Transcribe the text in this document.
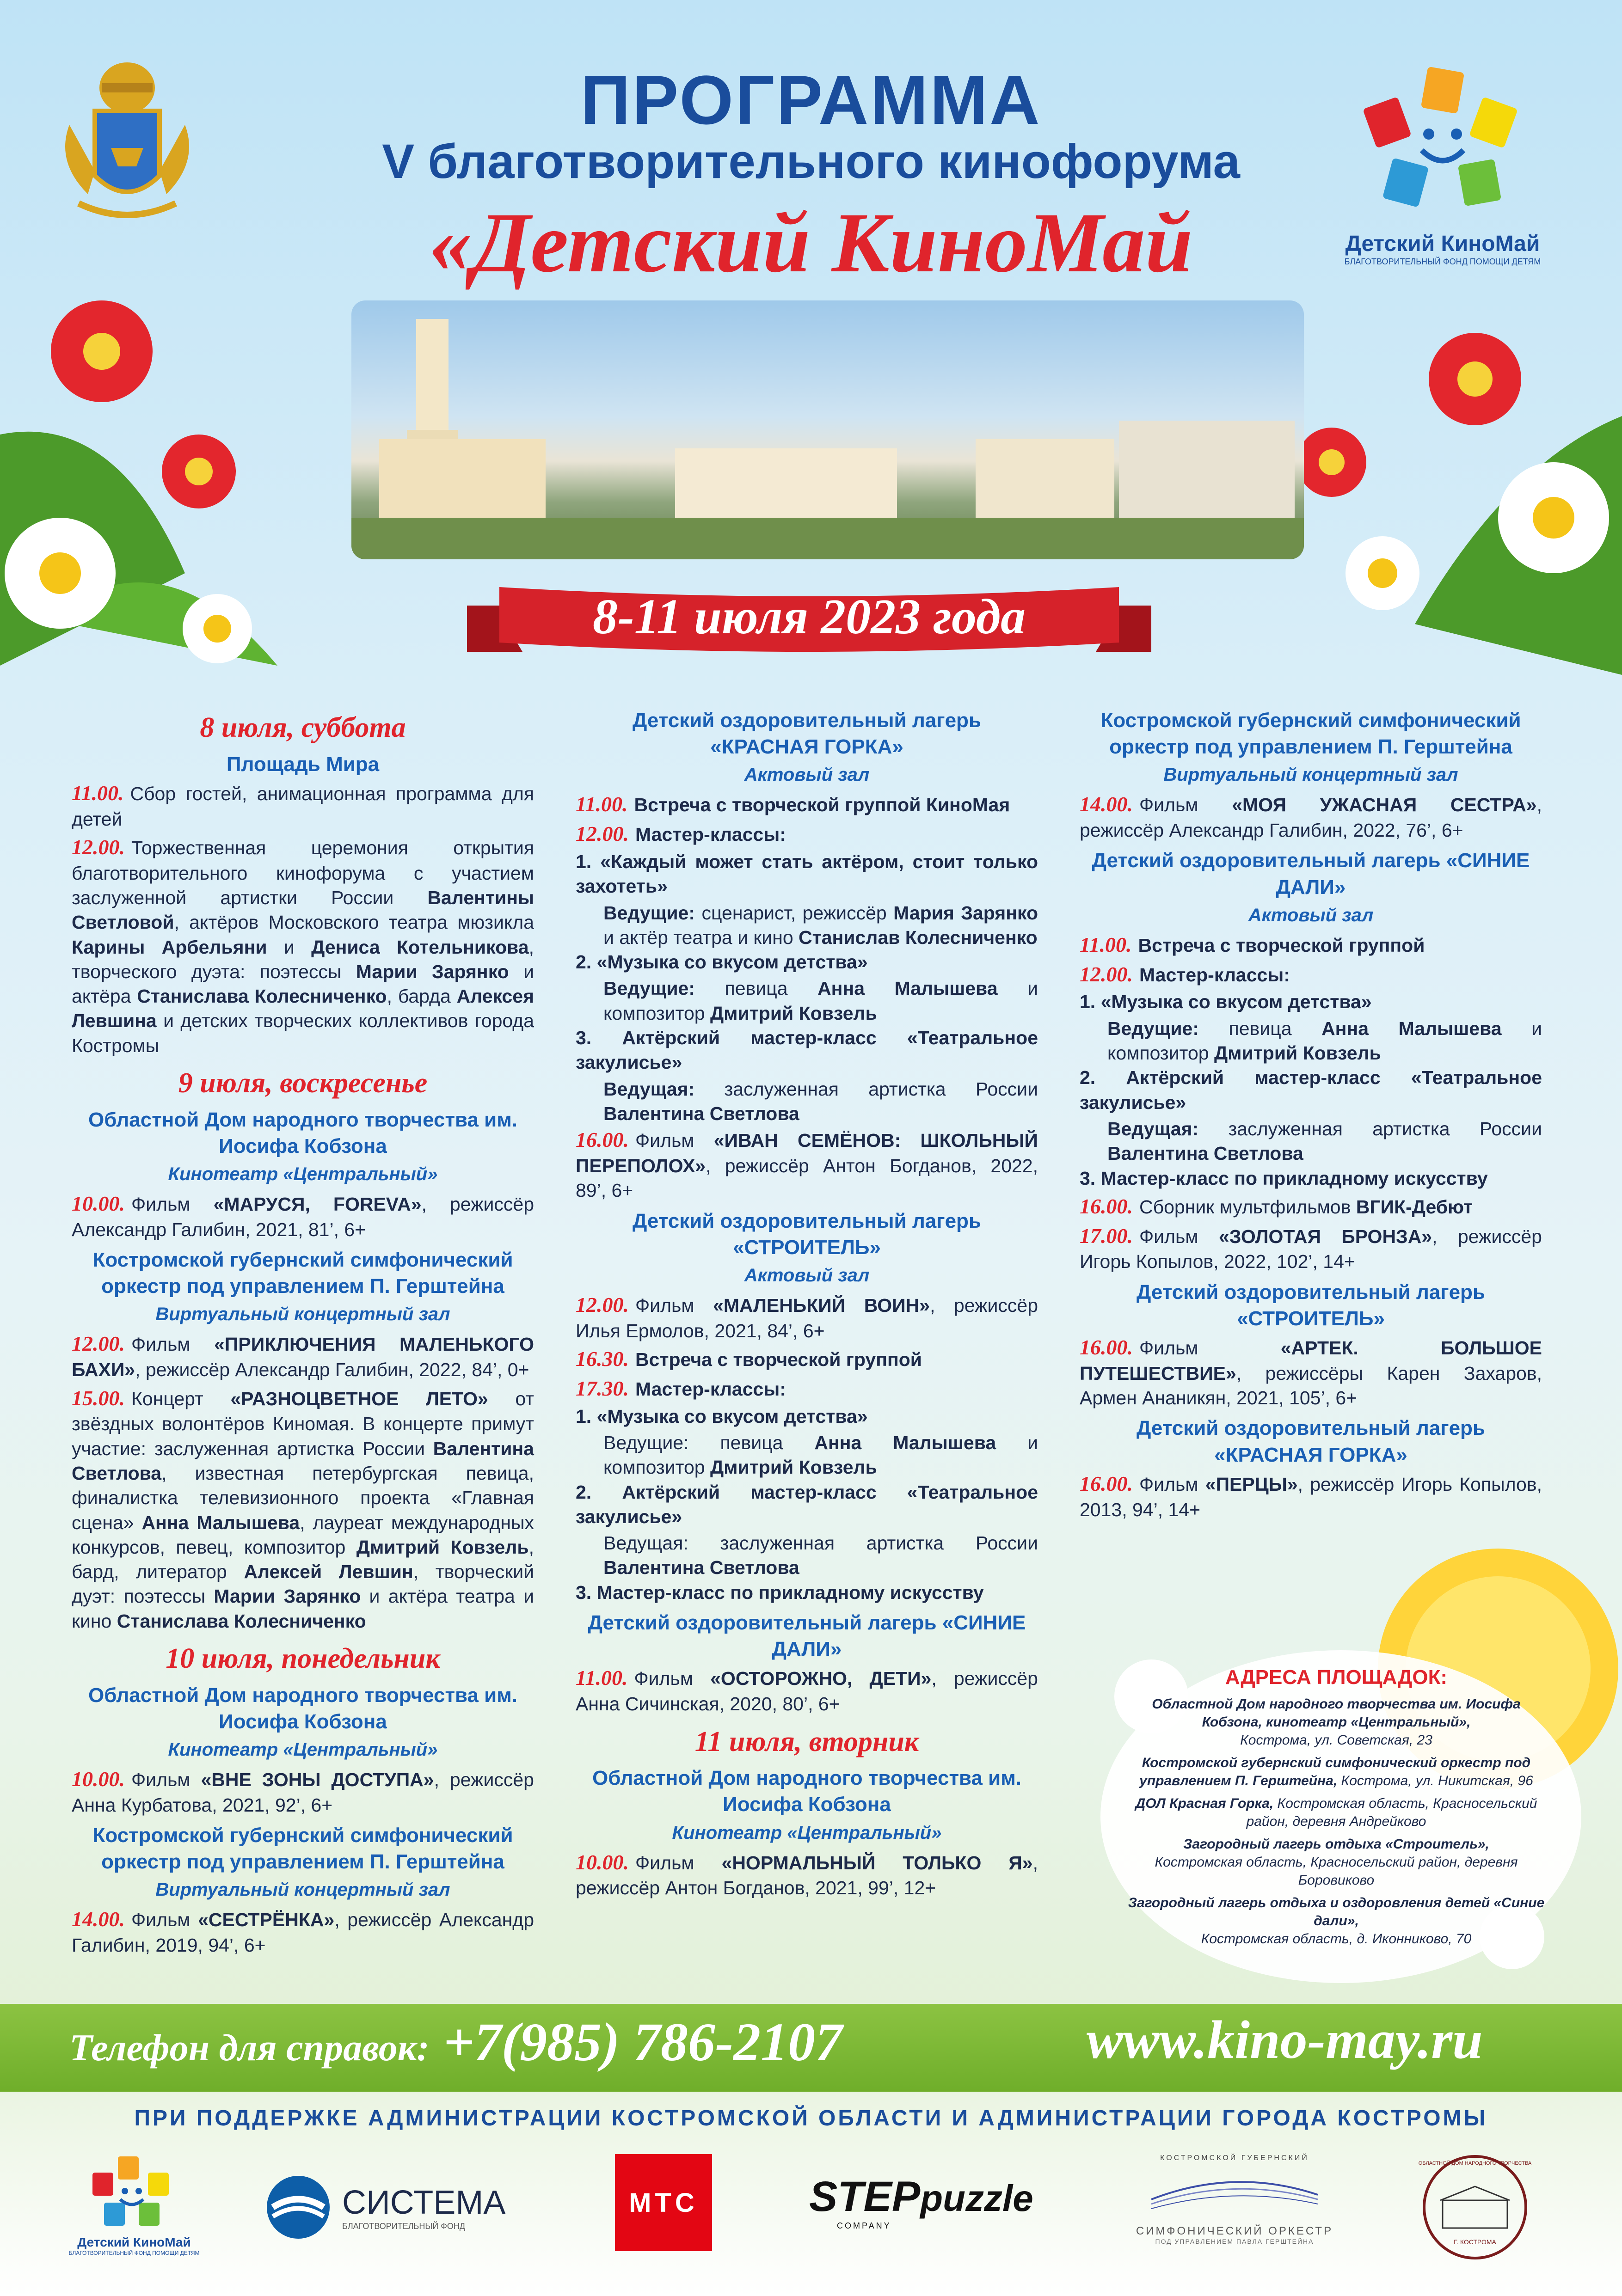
ПРОГРАММА
V благотворительного кинофорума
«Детский КиноМай	Детский КиноМай
БЛАГОТВОРИТЕЛЬНЫЙ ФОНД ПОМОЩИ ДЕТЯМ
8-11 июля 2023 года
8 июля, суббота
Площадь Мира
11.00. Сбор гостей, анимационная программа для детей
12.00. Торжественная церемония открытия благотворительного кинофорума с участием заслуженной артистки России Валентины Светловой, актёров Московского театра мюзикла Карины Арбельяни и Дениса Котельникова, творческого дуэта: поэтессы Марии Зарянко и актёра Станислава Колесниченко, барда Алексея Левшина и детских творческих коллективов города Костромы
9 июля, воскресенье
Областной Дом народного творчества им. Иосифа Кобзона
Кинотеатр «Центральный»
10.00. Фильм «МАРУСЯ, FOREVA», режиссёр Александр Галибин, 2021, 81’, 6+
Костромской губернский симфонический оркестр под управлением П. Герштейна
Виртуальный концертный зал
12.00. Фильм «ПРИКЛЮЧЕНИЯ МАЛЕНЬКОГО БАХИ», режиссёр Александр Галибин, 2022, 84’, 0+
15.00. Концерт «РАЗНОЦВЕТНОЕ ЛЕТО» от звёздных волонтёров Киномая. В концерте примут участие: заслуженная артистка России Валентина Светлова, известная петербургская певица, финалистка телевизионного проекта «Главная сцена» Анна Малышева, лауреат международных конкурсов, певец, композитор Дмитрий Ковзель, бард, литератор Алексей Левшин, творческий дуэт: поэтессы Марии Зарянко и актёра театра и кино Станислава Колесниченко
10 июля, понедельник
Областной Дом народного творчества им. Иосифа Кобзона
Кинотеатр «Центральный»
10.00. Фильм «ВНЕ ЗОНЫ ДОСТУПА», режиссёр Анна Курбатова, 2021, 92’, 6+
Костромской губернский симфонический оркестр под управлением П. Герштейна
Виртуальный концертный зал
14.00. Фильм «СЕСТРЁНКА», режиссёр Александр Галибин, 2019, 94’, 6+
Детский оздоровительный лагерь «КРАСНАЯ ГОРКА»
Актовый зал
11.00. Встреча с творческой группой КиноМая
12.00. Мастер-классы:
1. «Каждый может стать актёром, стоит только захотеть»
Ведущие: сценарист, режиссёр Мария Зарянко и актёр театра и кино Станислав Колесниченко
2. «Музыка со вкусом детства»
Ведущие: певица Анна Малышева и композитор Дмитрий Ковзель
3. Актёрский мастер-класс «Театральное закулисье»
Ведущая: заслуженная артистка России Валентина Светлова
16.00. Фильм «ИВАН СЕМЁНОВ: ШКОЛЬНЫЙ ПЕРЕПОЛОХ», режиссёр Антон Богданов, 2022, 89’, 6+
Детский оздоровительный лагерь «СТРОИТЕЛЬ»
Актовый зал
12.00. Фильм «МАЛЕНЬКИЙ ВОИН», режиссёр Илья Ермолов, 2021, 84’, 6+
16.30. Встреча с творческой группой
17.30. Мастер-классы:
1. «Музыка со вкусом детства»
Ведущие: певица Анна Малышева и композитор Дмитрий Ковзель
2. Актёрский мастер-класс «Театральное закулисье»
Ведущая: заслуженная артистка России Валентина Светлова
3. Мастер-класс по прикладному искусству
Детский оздоровительный лагерь «СИНИЕ ДАЛИ»
11.00. Фильм «ОСТОРОЖНО, ДЕТИ», режиссёр Анна Сичинская, 2020, 80’, 6+
11 июля, вторник
Областной Дом народного творчества им. Иосифа Кобзона
Кинотеатр «Центральный»
10.00. Фильм «НОРМАЛЬНЫЙ ТОЛЬКО Я», режиссёр Антон Богданов, 2021, 99’, 12+
Костромской губернский симфонический оркестр под управлением П. Герштейна
Виртуальный концертный зал
14.00. Фильм «МОЯ УЖАСНАЯ СЕСТРА», режиссёр Александр Галибин, 2022, 76’, 6+
Детский оздоровительный лагерь «СИНИЕ ДАЛИ»
Актовый зал
11.00. Встреча с творческой группой
12.00. Мастер-классы:
1. «Музыка со вкусом детства»
Ведущие: певица Анна Малышева и композитор Дмитрий Ковзель
2. Актёрский мастер-класс «Театральное закулисье»
Ведущая: заслуженная артистка России Валентина Светлова
3. Мастер-класс по прикладному искусству
16.00. Сборник мультфильмов ВГИК-Дебют
17.00. Фильм «ЗОЛОТАЯ БРОНЗА», режиссёр Игорь Копылов, 2022, 102’, 14+
Детский оздоровительный лагерь «СТРОИТЕЛЬ»
16.00. Фильм «АРТЕК. БОЛЬШОЕ ПУТЕШЕСТВИЕ», режиссёры Карен Захаров, Армен Ананикян, 2021, 105’, 6+
Детский оздоровительный лагерь «КРАСНАЯ ГОРКА»
16.00. Фильм «ПЕРЦЫ», режиссёр Игорь Копылов, 2013, 94’, 14+
АДРЕСА ПЛОЩАДОК:
Областной Дом народного творчества им. Иосифа Кобзона, кинотеатр «Центральный»,
Кострома, ул. Советская, 23
Костромской губернский симфонический оркестр под управлением П. Герштейна, Кострома, ул. Никитская, 96
ДОЛ Красная Горка, Костромская область, Красносельский район, деревня Андрейково
Загородный лагерь отдыха «Строитель»,
Костромская область, Красносельский район, деревня Боровиково
Загородный лагерь отдыха и оздоровления детей «Синие дали»,
Костромская область, д. Иконниково, 70
Телефон для справок: +7(985) 786-2107	www.kino-may.ru
ПРИ ПОДДЕРЖКЕ АДМИНИСТРАЦИИ КОСТРОМСКОЙ ОБЛАСТИ И АДМИНИСТРАЦИИ ГОРОДА КОСТРОМЫ
Детский КиноМай
БЛАГОТВОРИТЕЛЬНЫЙ ФОНД ПОМОЩИ ДЕТЯМ
СИСТЕМА
БЛАГОТВОРИТЕЛЬНЫЙ ФОНД
МТС	STEPpuzzle
COMPANY
КОСТРОМСКОЙ ГУБЕРНСКИЙ
СИМФОНИЧЕСКИЙ ОРКЕСТР
ПОД УПРАВЛЕНИЕМ ПАВЛА ГЕРШТЕЙНА
ОБЛАСТНОЙ ДОМ НАРОДНОГО ТВОРЧЕСТВА
Г. КОСТРОМА
